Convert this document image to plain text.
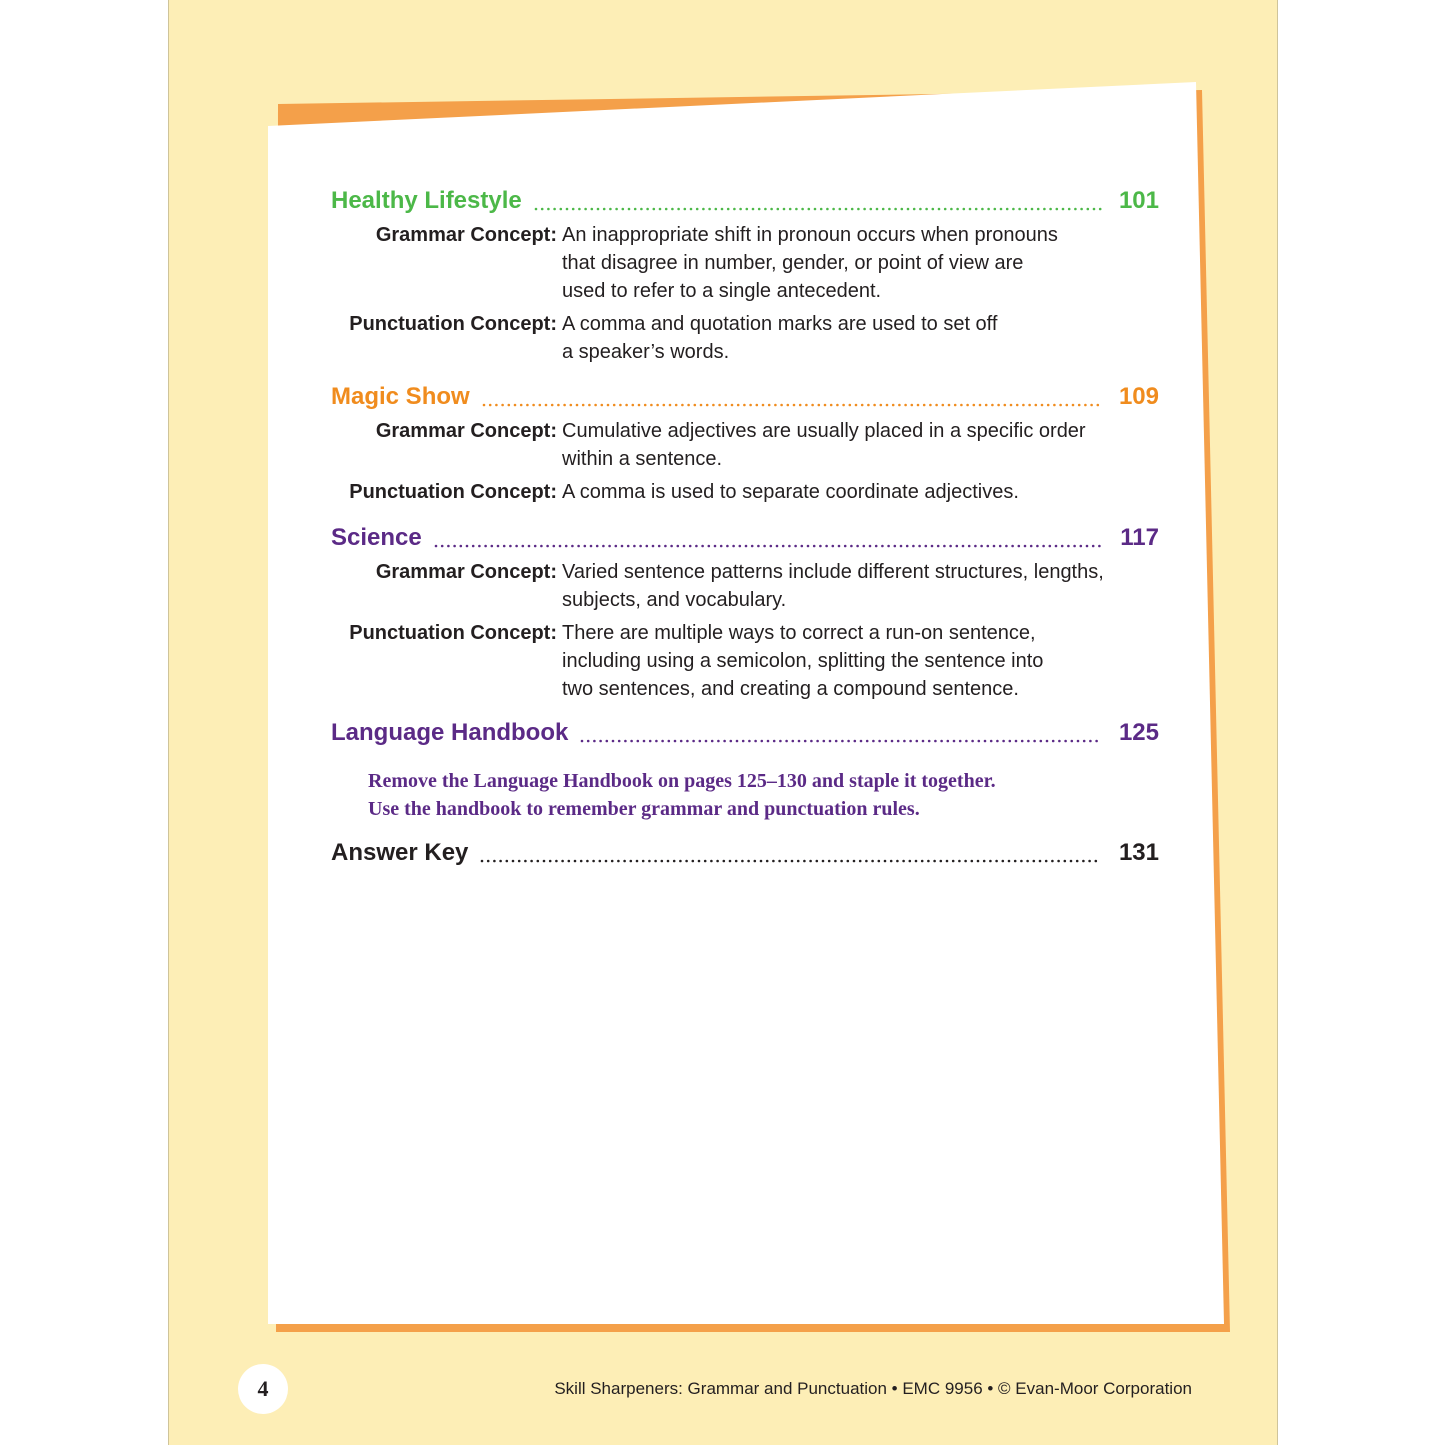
Healthy Lifestyle	101
Grammar Concept: An inappropriate shift in pronoun occurs when pronouns
that disagree in number, gender, or point of view are
used to refer to a single antecedent.
Punctuation Concept: A comma and quotation marks are used to set off
a speaker’s words.
Magic Show	109
Grammar Concept: Cumulative adjectives are usually placed in a specific order
within a sentence.
Punctuation Concept: A comma is used to separate coordinate adjectives.
Science	117
Grammar Concept: Varied sentence patterns include different structures, lengths,
subjects, and vocabulary.
Punctuation Concept: There are multiple ways to correct a run-on sentence,
including using a semicolon, splitting the sentence into
two sentences, and creating a compound sentence.
Language Handbook	125
Remove the Language Handbook on pages 125–130 and staple it together.
Use the handbook to remember grammar and punctuation rules.
Answer Key	131
4	Skill Sharpeners: Grammar and Punctuation • EMC 9956 • © Evan-Moor Corporation
